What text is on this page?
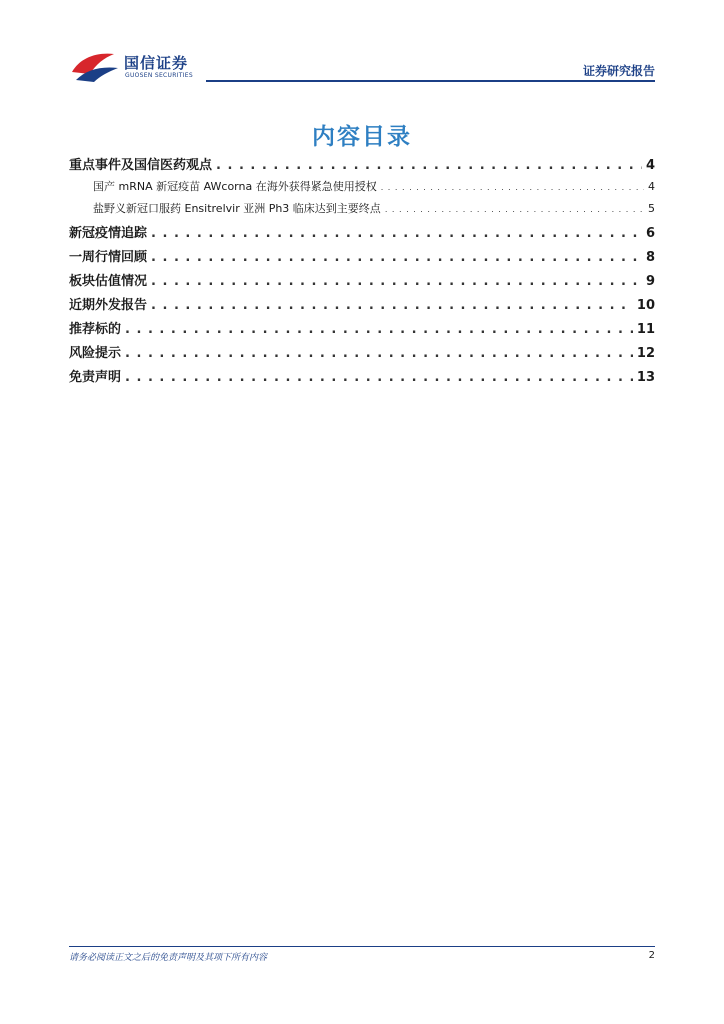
国信证券
GUOSEN SECURITIES	证券研究报告
内容目录
重点事件及国信医药观点 . . .	4
国产 mRNA 新冠疫苗 AWcorna 在海外获得紧急使用授权 . . .	4
盐野义新冠口服药 Ensitrelvir 亚洲 Ph3 临床达到主要终点 . . .	5
新冠疫情追踪 . . .	6
一周行情回顾 . . .	8
板块估值情况 . . .	9
近期外发报告 . . .	10
推荐标的 . . .	11
风险提示 . . .	12
免责声明 . . .	13
请务必阅读正文之后的免责声明及其项下所有内容	2
